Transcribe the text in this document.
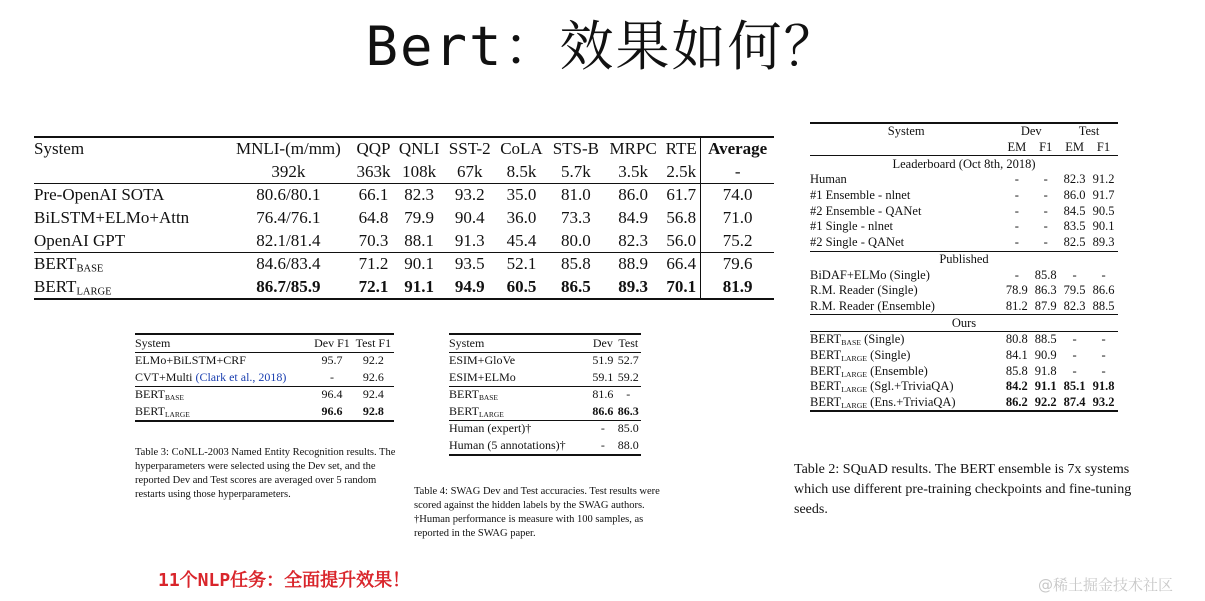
Bert：效果如何？
System	MNLI-(m/mm)	QQP	QNLI	SST-2	CoLA	STS-B	MRPC	RTE	Average
	392k	363k	108k	67k	8.5k	5.7k	3.5k	2.5k	-
Pre-OpenAI SOTA	80.6/80.1	66.1	82.3	93.2	35.0	81.0	86.0	61.7	74.0
BiLSTM+ELMo+Attn	76.4/76.1	64.8	79.9	90.4	36.0	73.3	84.9	56.8	71.0
OpenAI GPT	82.1/81.4	70.3	88.1	91.3	45.4	80.0	82.3	56.0	75.2
$BERT_{BASE}$	84.6/83.4	71.2	90.1	93.5	52.1	85.8	88.9	66.4	79.6
$BERT_{LARGE}$	86.7/85.9	72.1	91.1	94.9	60.5	86.5	89.3	70.1	81.9
System	Dev F1	Test F1
ELMo+BiLSTM+CRF	95.7	92.2
CVT+Multi (Clark et al., 2018)	-	92.6
$BERT_{BASE}$	96.4	92.4
$BERT_{LARGE}$	96.6	92.8
Table 3: CoNLL-2003 Named Entity Recognition results. The hyperparameters were selected using the Dev set, and the reported Dev and Test scores are averaged over 5 random restarts using those hyperparameters.
System	Dev	Test
ESIM+GloVe	51.9	52.7
ESIM+ELMo	59.1	59.2
$BERT_{BASE}$	81.6	-
$BERT_{LARGE}$	86.6	86.3
Human (expert)†	-	85.0
Human (5 annotations)†	-	88.0
Table 4: SWAG Dev and Test accuracies. Test results were scored against the hidden labels by the SWAG authors. †Human performance is measure with 100 samples, as reported in the SWAG paper.
System	Dev		Test	
	EM	F1	EM	F1
Leaderboard (Oct 8th, 2018)				
Human	-	-	82.3	91.2
#1 Ensemble - nlnet	-	-	86.0	91.7
#2 Ensemble - QANet	-	-	84.5	90.5
#1 Single - nlnet	-	-	83.5	90.1
#2 Single - QANet	-	-	82.5	89.3
Published				
BiDAF+ELMo (Single)	-	85.8	-	-
R.M. Reader (Single)	78.9	86.3	79.5	86.6
R.M. Reader (Ensemble)	81.2	87.9	82.3	88.5
Ours				
$BERT_{BASE}$ (Single)	80.8	88.5	-	-
$BERT_{LARGE}$ (Single)	84.1	90.9	-	-
$BERT_{LARGE}$ (Ensemble)	85.8	91.8	-	-
$BERT_{LARGE}$ (Sgl.+TriviaQA)	84.2	91.1	85.1	91.8
$BERT_{LARGE}$ (Ens.+TriviaQA)	86.2	92.2	87.4	93.2
Table 2: SQuAD results. The BERT ensemble is 7x systems which use different pre-training checkpoints and fine-tuning seeds.
11个NLP任务：全面提升效果！	@稀土掘金技术社区
